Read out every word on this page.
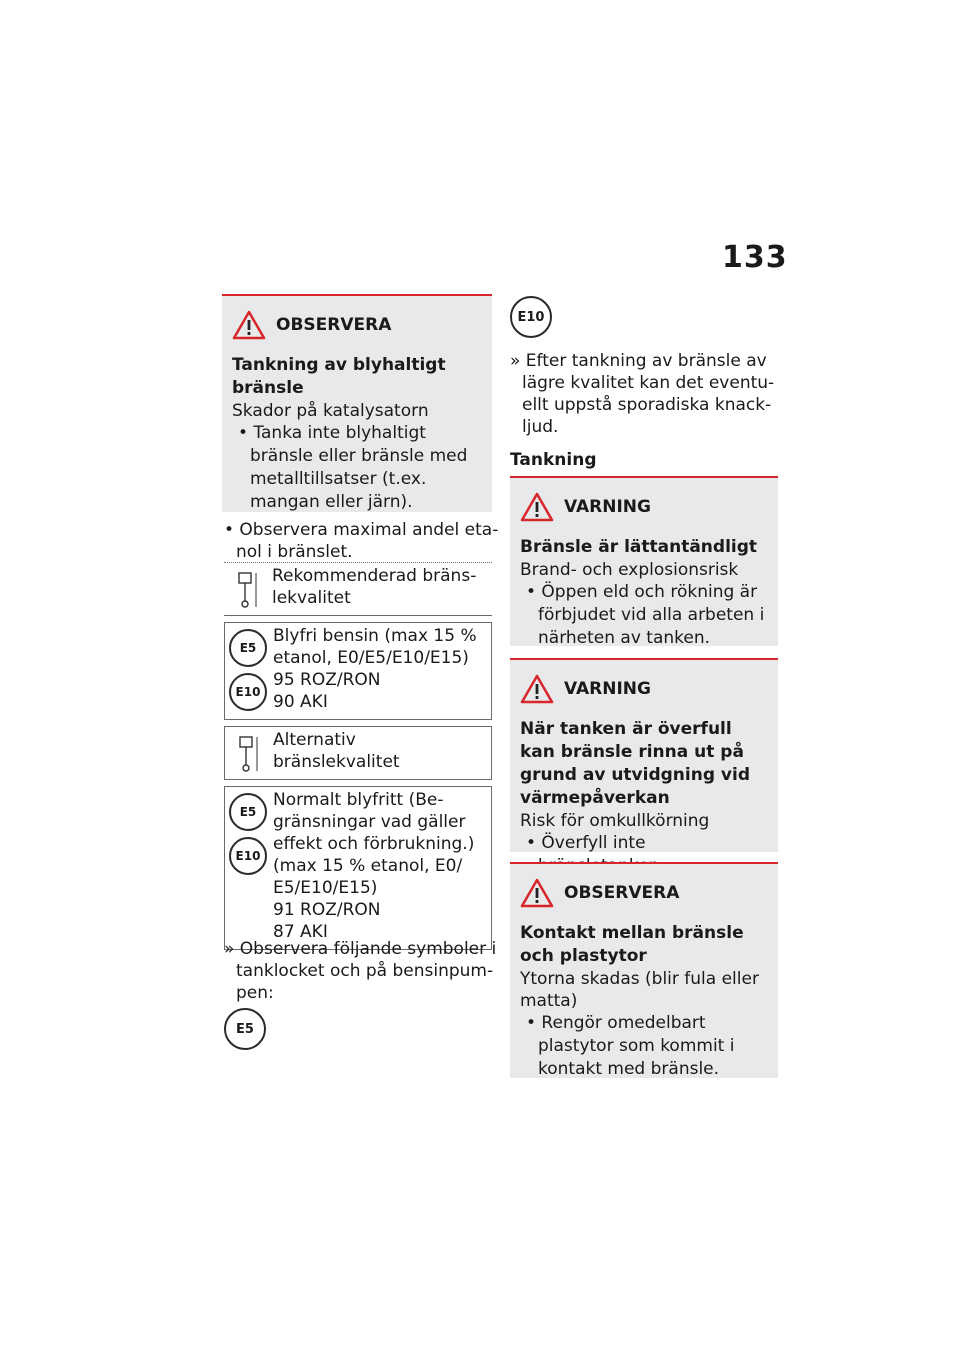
133
OBSERVERA
Tankning av blyhaltigt
bränsle
Skador på katalysatorn
• Tanka inte blyhaltigt bränsle eller bränsle med metalltillsatser (t.ex. mangan eller järn).
• Observera maximal andel etanol i bränslet.
Rekommenderad bränslekvalitet
E5
E10
Blyfri bensin (max 15 %
etanol, E0/E5/E10/E15)
95 ROZ/RON
90 AKI
Alternativ bränslekvalitet
E5
E10
Normalt blyfritt (Begränsningar vad gäller effekt och förbrukning.)
(max 15 % etanol, E0/
E5/E10/E15)
91 ROZ/RON
87 AKI
» Observera följande symboler i tanklocket och på bensinpumpen:
E5
E10
» Efter tankning av bränsle av lägre kvalitet kan det eventuellt uppstå sporadiska knackljud.
Tankning
VARNING
Bränsle är lättantändligt
Brand- och explosionsrisk
• Öppen eld och rökning är förbjudet vid alla arbeten i närheten av tanken.
VARNING
När tanken är överfull kan bränsle rinna ut på grund av utvidgning vid värmepåverkan
Risk för omkullkörning
• Överfyll inte
OBSERVERA
Kontakt mellan bränsle och plastytor
Ytorna skadas (blir fula eller matta)
• Rengör omedelbart plastytor som kommit i kontakt med bränsle.
